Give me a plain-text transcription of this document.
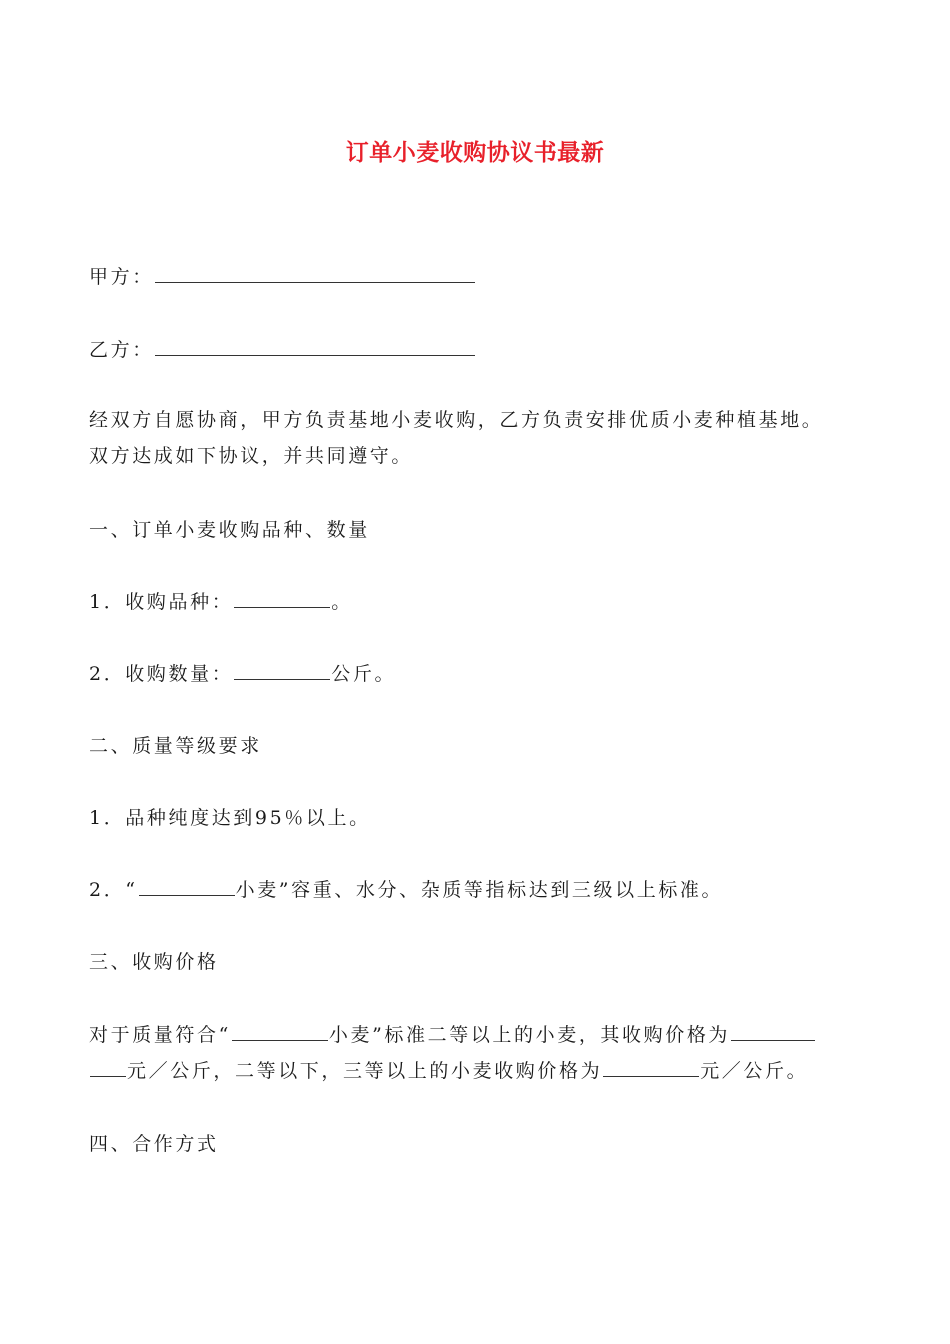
订单小麦收购协议书最新
甲方：
乙方：
经双方自愿协商，甲方负责基地小麦收购，乙方负责安排优质小麦种植基地。
双方达成如下协议，并共同遵守。
一、订单小麦收购品种、数量
1．收购品种：	。
2．收购数量：	公斤。
二、质量等级要求
1．品种纯度达到95％以上。
2．“	小麦”容重、水分、杂质等指标达到三级以上标准。
三、收购价格
对于质量符合“	小麦”标准二等以上的小麦，其收购价格为
元／公斤，二等以下，三等以上的小麦收购价格为	元／公斤。
四、合作方式
